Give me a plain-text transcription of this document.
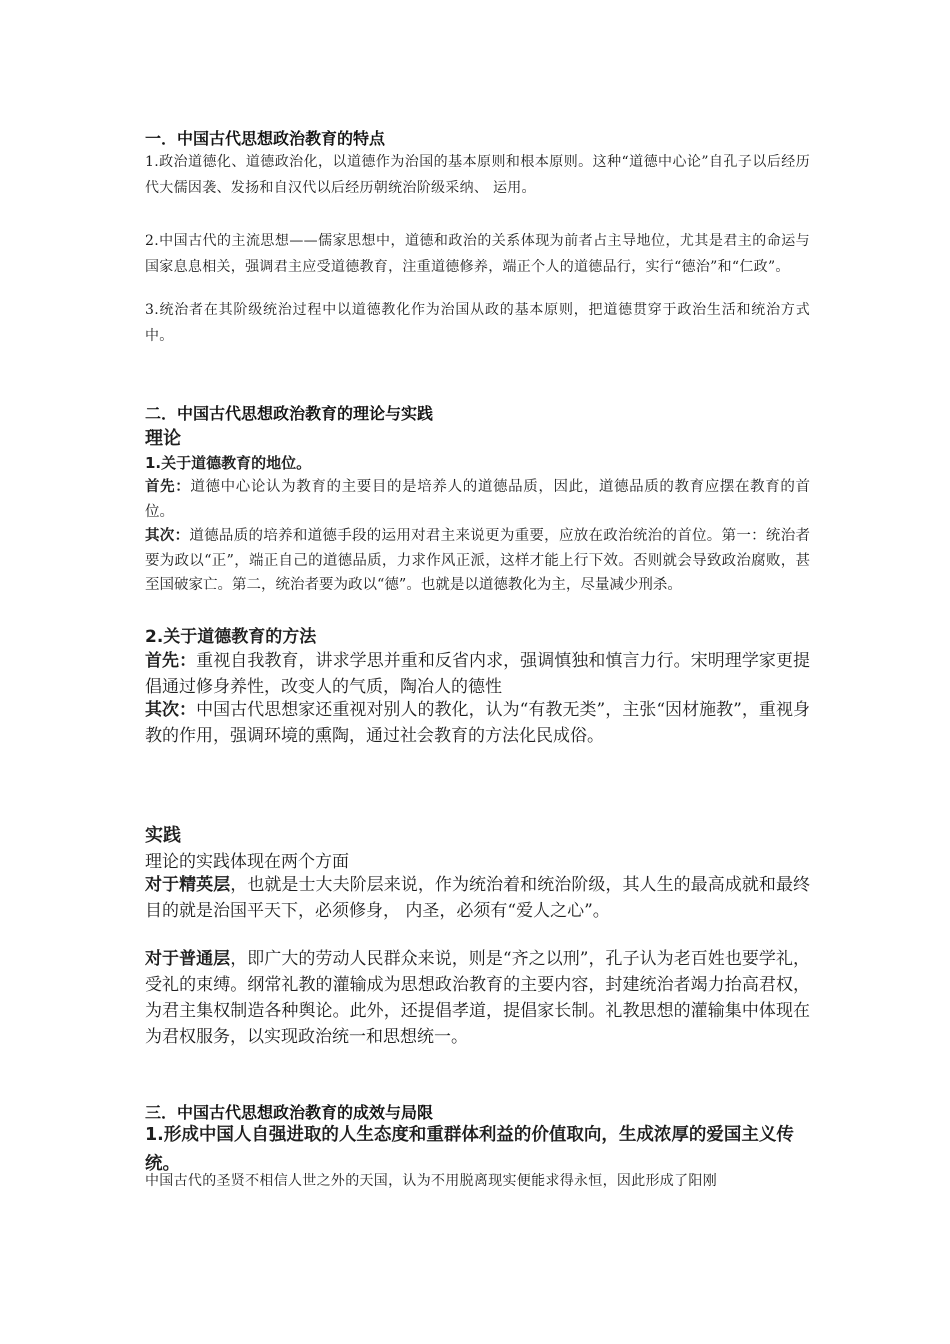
一．中国古代思想政治教育的特点

1.政治道德化、道德政治化，以道德作为治国的基本原则和根本原则。这种“道德中心论”自孔子以后经历代大儒因袭、发扬和自汉代以后经历朝统治阶级采纳、 运用。

2.中国古代的主流思想——儒家思想中，道德和政治的关系体现为前者占主导地位，尤其是君主的命运与国家息息相关，强调君主应受道德教育，注重道德修养，端正个人的道德品行，实行“德治”和“仁政”。

3.统治者在其阶级统治过程中以道德教化作为治国从政的基本原则，把道德贯穿于政治生活和统治方式中。

二．中国古代思想政治教育的理论与实践
理论
1.关于道德教育的地位。

首先：道德中心论认为教育的主要目的是培养人的道德品质，因此，道德品质的教育应摆在教育的首位。

其次：道德品质的培养和道德手段的运用对君主来说更为重要，应放在政治统治的首位。第一：统治者要为政以“正”，端正自己的道德品质，力求作风正派，这样才能上行下效。否则就会导致政治腐败，甚至国破家亡。第二，统治者要为政以“德”。也就是以道德教化为主，尽量减少刑杀。

2.关于道德教育的方法

首先：重视自我教育，讲求学思并重和反省内求，强调慎独和慎言力行。宋明理学家更提倡通过修身养性，改变人的气质，陶冶人的德性

其次：中国古代思想家还重视对别人的教化，认为“有教无类”，主张“因材施教”，重视身教的作用，强调环境的熏陶，通过社会教育的方法化民成俗。

实践
理论的实践体现在两个方面

对于精英层，也就是士大夫阶层来说，作为统治着和统治阶级，其人生的最高成就和最终目的就是治国平天下，必须修身， 内圣，必须有“爱人之心”。

对于普通层，即广大的劳动人民群众来说，则是“齐之以刑”，孔子认为老百姓也要学礼，受礼的束缚。纲常礼教的灌输成为思想政治教育的主要内容，封建统治者竭力抬高君权，为君主集权制造各种舆论。此外，还提倡孝道，提倡家长制。礼教思想的灌输集中体现在为君权服务，以实现政治统一和思想统一。

三．中国古代思想政治教育的成效与局限
1.形成中国人自强进取的人生态度和重群体利益的价值取向，生成浓厚的爱国主义传统。

中国古代的圣贤不相信人世之外的天国，认为不用脱离现实便能求得永恒，因此形成了阳刚
